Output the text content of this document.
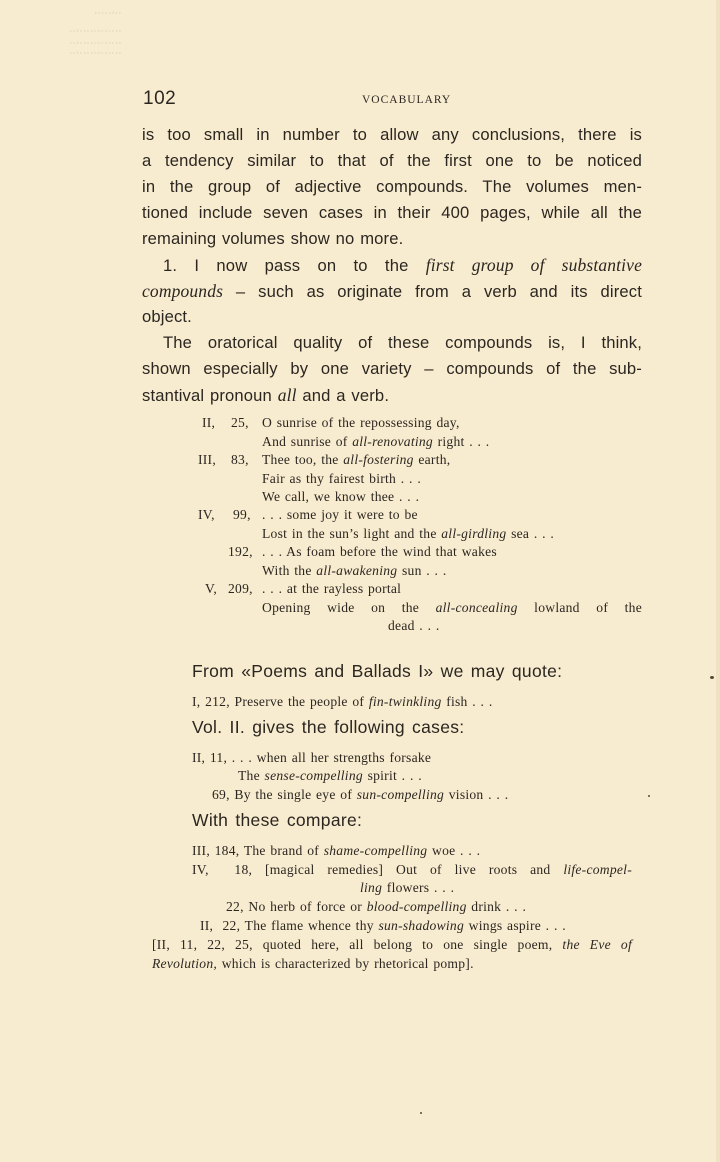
ᶜ ᶜ ʳ ᶜ ᶜ ᶠ ᶜ ᶜ
ᶜ ᶜ ᶠ ᶜ ᶜ ᶜ ᶜ ᶜ ᶜ ᶜ ᶜ ᶜ ᶜ ᶜ ᶜ
ᶜ ᶜ ᶠ ᶜ ᶜ ᶜ ᶜ ᶜ ᶜ ᶜ ᶜ ᶜ ᶜ ᶜ ᶜ
ᶜ ᶜ ᶠ ᶜ ᶜ ᶜ ᶜ ᶜ ᶜ ᶜ ᶜ ᶜ ᶜ ᶜ ᶜ
102	VOCABULARY
is too small in number to allow any conclusions, there is
a tendency similar to that of the first one to be noticed
in the group of adjective compounds. The volumes men-
tioned include seven cases in their 400 pages, while all the
remaining volumes show no more.
1. I now pass on to the first group of substantive
compounds – such as originate from a verb and its direct
object.
The oratorical quality of these compounds is, I think,
shown especially by one variety – compounds of the sub-
stantival pronoun all and a verb.
II, 25, O sunrise of the repossessing day,
And sunrise of all-renovating right . . .
III, 83, Thee too, the all-fostering earth,
Fair as thy fairest birth . . .
We call, we know thee . . .
IV, 99, . . . some joy it were to be
Lost in the sun’s light and the all-girdling sea . . .
192, . . . As foam before the wind that wakes
With the all-awakening sun . . .
V, 209, . . . at the rayless portal
Opening wide on the all-concealing lowland of the
dead . . .
From «Poems and Ballads I» we may quote:
I, 212, Preserve the people of fin-twinkling fish . . .
Vol. II. gives the following cases:
II, 11, . . . when all her strengths forsake
The sense-compelling spirit . . .
69, By the single eye of sun-compelling vision . . .
With these compare:
III, 184, The brand of shame-compelling woe . . .
IV,  18, [magical remedies] Out of live roots and life-compel-
ling flowers . . .
22, No herb of force or blood-compelling drink . . .
II,  22, The flame whence thy sun-shadowing wings aspire . . .
[II, 11, 22, 25, quoted here, all belong to one single poem, the Eve of
Revolution, which is characterized by rhetorical pomp].
